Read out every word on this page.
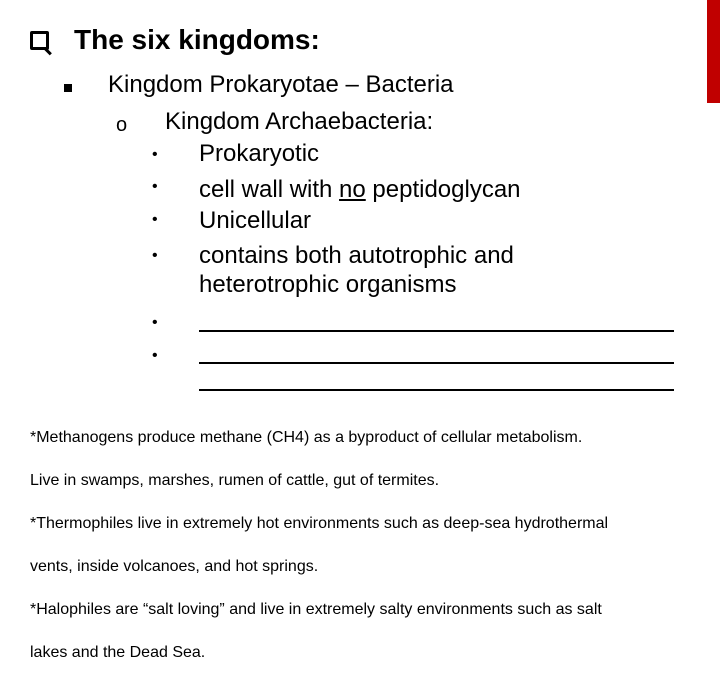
The six kingdoms:
Kingdom Prokaryotae – Bacteria
o Kingdom Archaebacteria:
• Prokaryotic
• cell wall with no peptidoglycan
• Unicellular
• contains both autotrophic and
heterotrophic organisms
•
•

*Methanogens produce methane (CH4) as a byproduct of cellular metabolism.

Live in swamps, marshes, rumen of cattle, gut of termites.

*Thermophiles live in extremely hot environments such as deep-sea hydrothermal

vents, inside volcanoes, and hot springs.

*Halophiles are “salt loving” and live in extremely salty environments such as salt

lakes and the Dead Sea.
